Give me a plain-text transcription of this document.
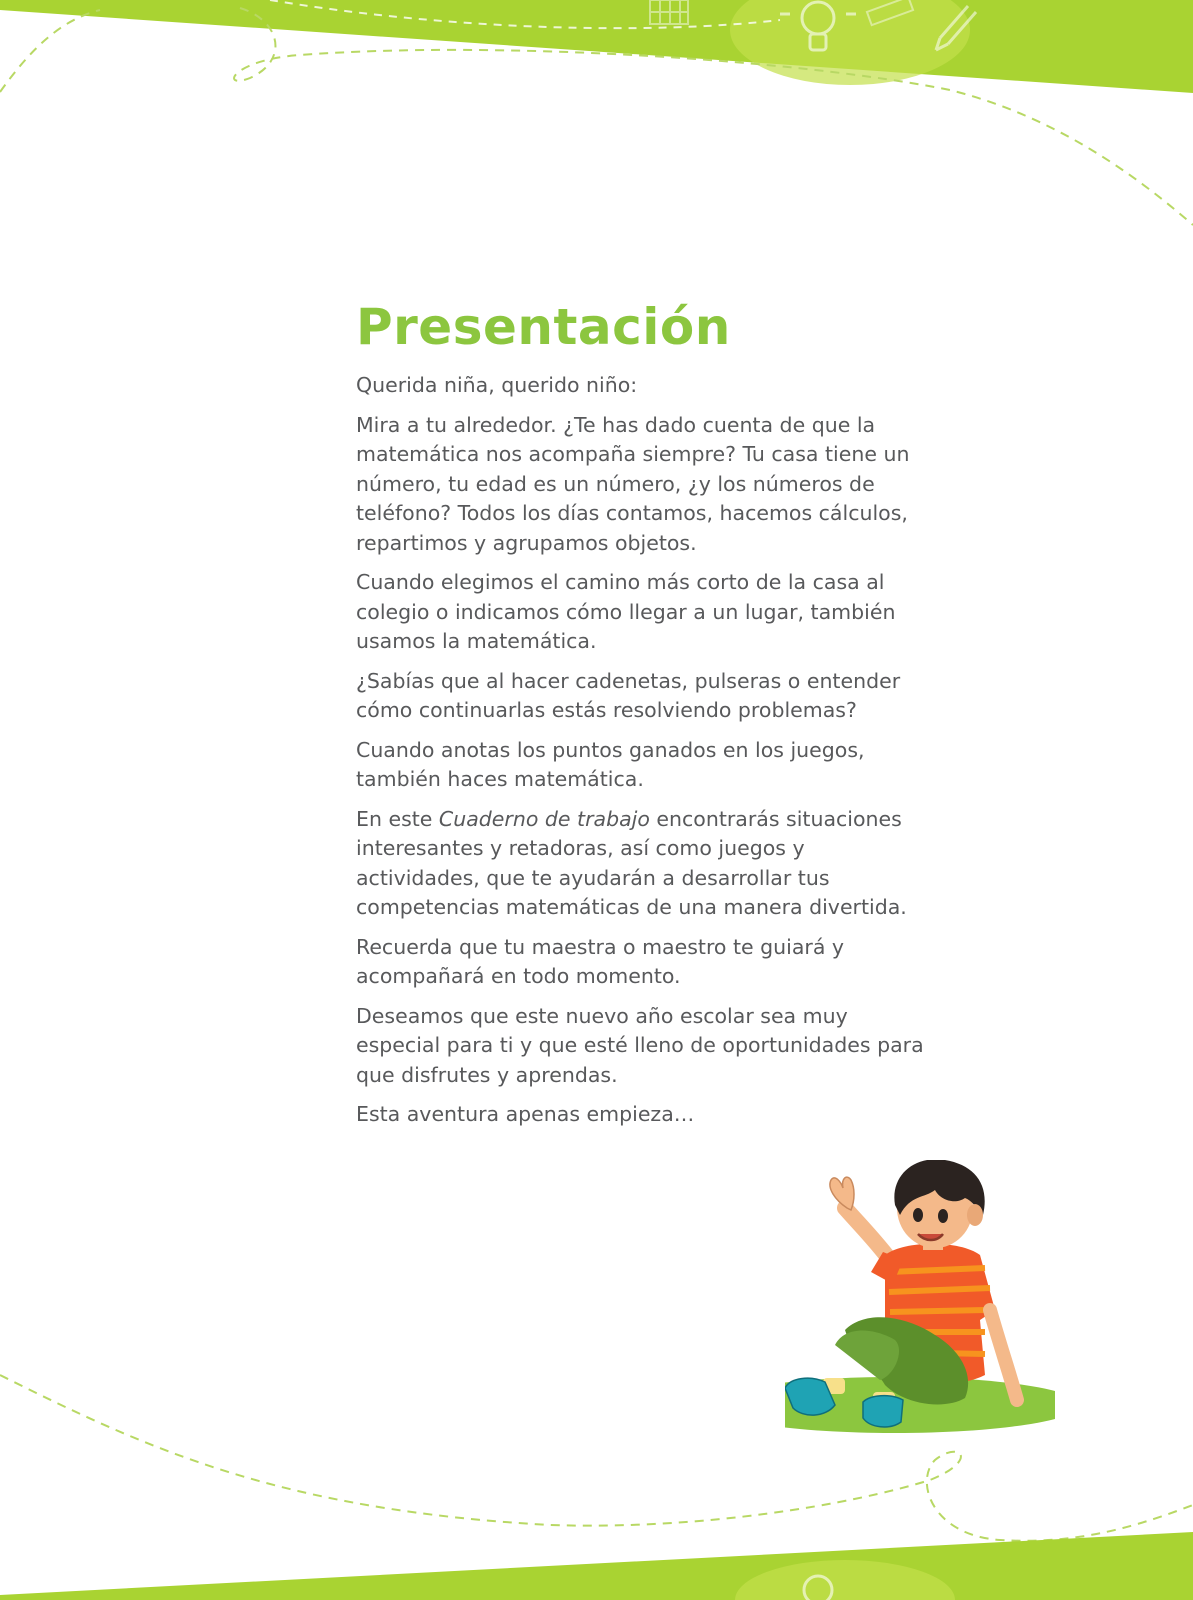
Presentación

Querida niña, querido niño:

Mira a tu alrededor. ¿Te has dado cuenta de que la matemática nos acompaña siempre? Tu casa tiene un número, tu edad es un número, ¿y los números de teléfono? Todos los días contamos, hacemos cálculos, repartimos y agrupamos objetos.

Cuando elegimos el camino más corto de la casa al colegio o indicamos cómo llegar a un lugar, también usamos la matemática.

¿Sabías que al hacer cadenetas, pulseras o entender cómo continuarlas estás resolviendo problemas?

Cuando anotas los puntos ganados en los juegos, también haces matemática.

En este Cuaderno de trabajo encontrarás situaciones interesantes y retadoras, así como juegos y actividades, que te ayudarán a desarrollar tus competencias matemáticas de una manera divertida.

Recuerda que tu maestra o maestro te guiará y acompañará en todo momento.

Deseamos que este nuevo año escolar sea muy especial para ti y que esté lleno de oportunidades para que disfrutes y aprendas.

Esta aventura apenas empieza…
